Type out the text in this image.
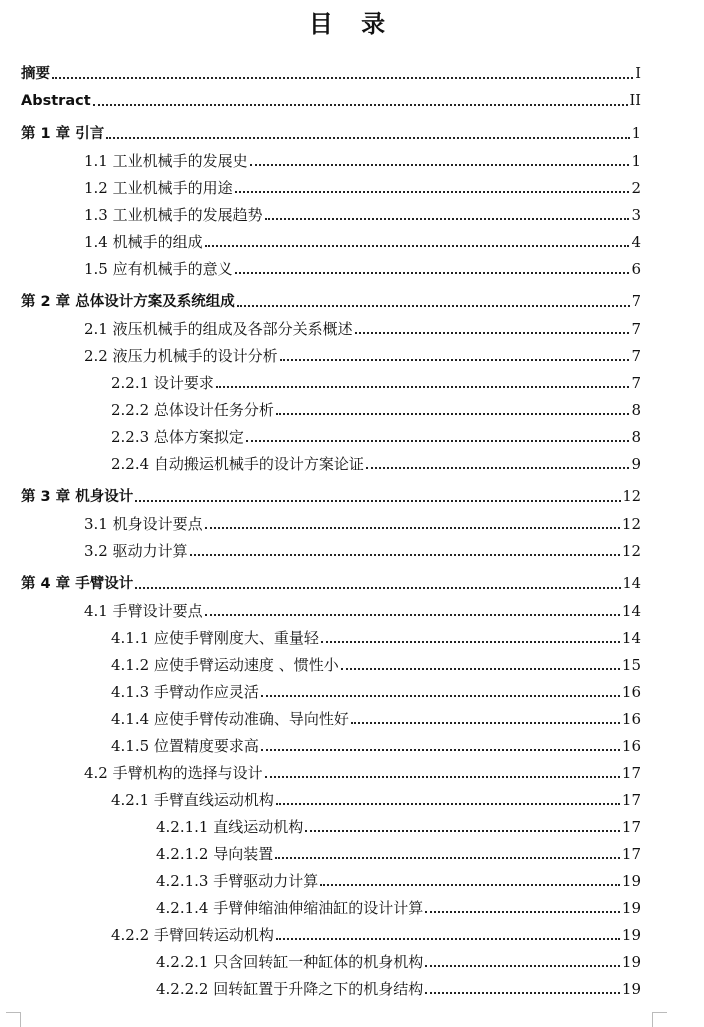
目 录
摘要	I
Abstract	II
第 1 章 引言	1
1.1 工业机械手的发展史	1
1.2 工业机械手的用途	2
1.3 工业机械手的发展趋势	3
1.4 机械手的组成	4
1.5 应有机械手的意义	6
第 2 章 总体设计方案及系统组成	7
2.1 液压机械手的组成及各部分关系概述	7
2.2 液压力机械手的设计分析	7
2.2.1 设计要求	7
2.2.2 总体设计任务分析	8
2.2.3 总体方案拟定	8
2.2.4 自动搬运机械手的设计方案论证	9
第 3 章 机身设计	12
3.1 机身设计要点	12
3.2 驱动力计算	12
第 4 章 手臂设计	14
4.1 手臂设计要点	14
4.1.1 应使手臂刚度大、重量轻	14
4.1.2 应使手臂运动速度 、惯性小	15
4.1.3 手臂动作应灵活	16
4.1.4 应使手臂传动准确、导向性好	16
4.1.5 位置精度要求高	16
4.2 手臂机构的选择与设计	17
4.2.1 手臂直线运动机构	17
4.2.1.1 直线运动机构	17
4.2.1.2 导向装置	17
4.2.1.3 手臂驱动力计算	19
4.2.1.4 手臂伸缩油伸缩油缸的设计计算	19
4.2.2 手臂回转运动机构	19
4.2.2.1 只含回转缸一种缸体的机身机构	19
4.2.2.2 回转缸置于升降之下的机身结构	19
